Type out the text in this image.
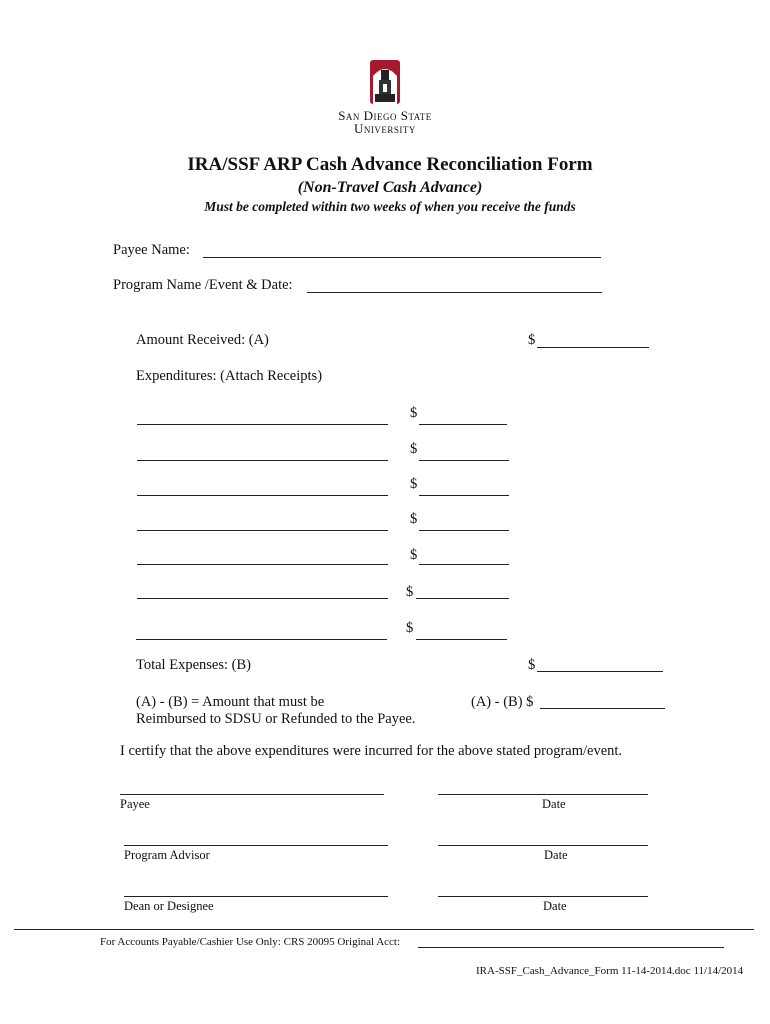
San Diego State
University
IRA/SSF ARP Cash Advance Reconciliation Form
(Non-Travel Cash Advance)
Must be completed within two weeks of when you receive the funds
Payee Name:
Program Name /Event & Date:
Amount Received: (A)	$
Expenditures: (Attach Receipts)
$
$
$
$
$
$
$
Total Expenses: (B)	$
(A) - (B) = Amount that must be
Reimbursed to SDSU or Refunded to the Payee.
(A) - (B) $
I certify that the above expenditures were incurred for the above stated program/event.
Payee	Date
Program Advisor	Date
Dean or Designee	Date
For Accounts Payable/Cashier Use Only: CRS 20095 Original Acct:
IRA-SSF_Cash_Advance_Form 11-14-2014.doc 11/14/2014
